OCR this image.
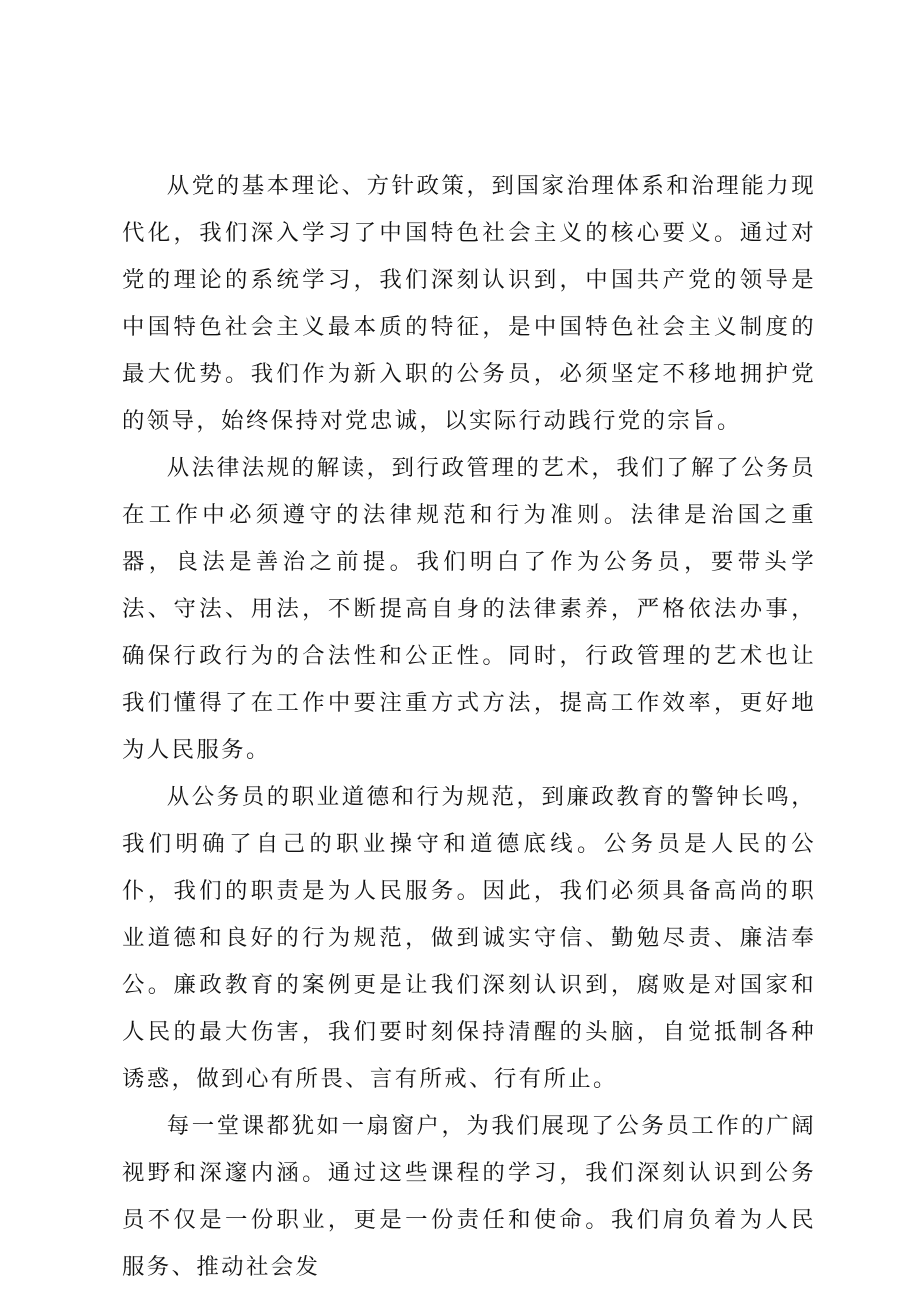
从党的基本理论、方针政策，到国家治理体系和治理能力现代化，我们深入学习了中国特色社会主义的核心要义。通过对党的理论的系统学习，我们深刻认识到，中国共产党的领导是中国特色社会主义最本质的特征，是中国特色社会主义制度的最大优势。我们作为新入职的公务员，必须坚定不移地拥护党的领导，始终保持对党忠诚，以实际行动践行党的宗旨。

从法律法规的解读，到行政管理的艺术，我们了解了公务员在工作中必须遵守的法律规范和行为准则。法律是治国之重器，良法是善治之前提。我们明白了作为公务员，要带头学法、守法、用法，不断提高自身的法律素养，严格依法办事，确保行政行为的合法性和公正性。同时，行政管理的艺术也让我们懂得了在工作中要注重方式方法，提高工作效率，更好地为人民服务。

从公务员的职业道德和行为规范，到廉政教育的警钟长鸣，我们明确了自己的职业操守和道德底线。公务员是人民的公仆，我们的职责是为人民服务。因此，我们必须具备高尚的职业道德和良好的行为规范，做到诚实守信、勤勉尽责、廉洁奉公。廉政教育的案例更是让我们深刻认识到，腐败是对国家和人民的最大伤害，我们要时刻保持清醒的头脑，自觉抵制各种诱惑，做到心有所畏、言有所戒、行有所止。

每一堂课都犹如一扇窗户，为我们展现了公务员工作的广阔视野和深邃内涵。通过这些课程的学习，我们深刻认识到公务员不仅是一份职业，更是一份责任和使命。我们肩负着为人民服务、推动社会发
